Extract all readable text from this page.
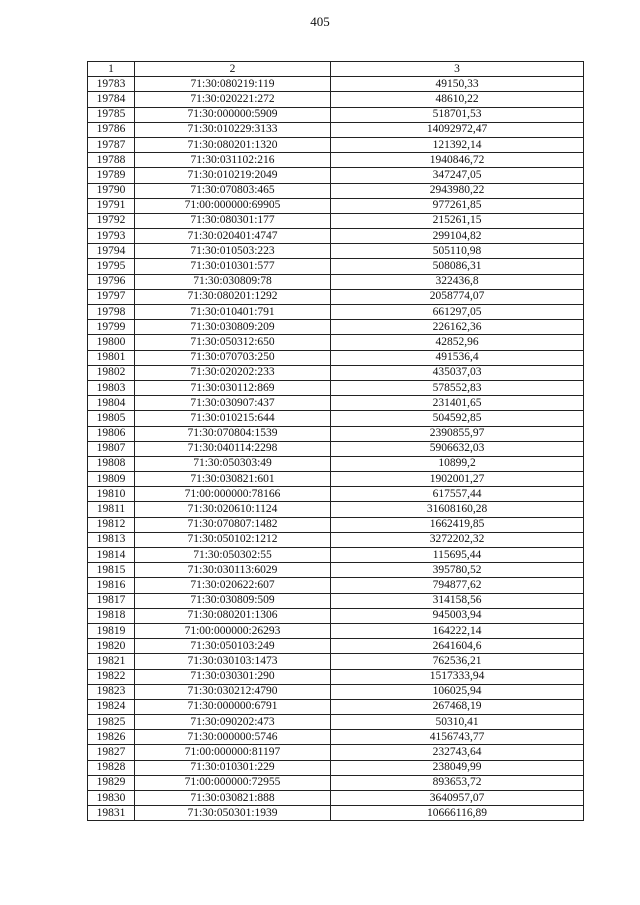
405
1	2	3
19783	71:30:080219:119	49150,33
19784	71:30:020221:272	48610,22
19785	71:30:000000:5909	518701,53
19786	71:30:010229:3133	14092972,47
19787	71:30:080201:1320	121392,14
19788	71:30:031102:216	1940846,72
19789	71:30:010219:2049	347247,05
19790	71:30:070803:465	2943980,22
19791	71:00:000000:69905	977261,85
19792	71:30:080301:177	215261,15
19793	71:30:020401:4747	299104,82
19794	71:30:010503:223	505110,98
19795	71:30:010301:577	508086,31
19796	71:30:030809:78	322436,8
19797	71:30:080201:1292	2058774,07
19798	71:30:010401:791	661297,05
19799	71:30:030809:209	226162,36
19800	71:30:050312:650	42852,96
19801	71:30:070703:250	491536,4
19802	71:30:020202:233	435037,03
19803	71:30:030112:869	578552,83
19804	71:30:030907:437	231401,65
19805	71:30:010215:644	504592,85
19806	71:30:070804:1539	2390855,97
19807	71:30:040114:2298	5906632,03
19808	71:30:050303:49	10899,2
19809	71:30:030821:601	1902001,27
19810	71:00:000000:78166	617557,44
19811	71:30:020610:1124	31608160,28
19812	71:30:070807:1482	1662419,85
19813	71:30:050102:1212	3272202,32
19814	71:30:050302:55	115695,44
19815	71:30:030113:6029	395780,52
19816	71:30:020622:607	794877,62
19817	71:30:030809:509	314158,56
19818	71:30:080201:1306	945003,94
19819	71:00:000000:26293	164222,14
19820	71:30:050103:249	2641604,6
19821	71:30:030103:1473	762536,21
19822	71:30:030301:290	1517333,94
19823	71:30:030212:4790	106025,94
19824	71:30:000000:6791	267468,19
19825	71:30:090202:473	50310,41
19826	71:30:000000:5746	4156743,77
19827	71:00:000000:81197	232743,64
19828	71:30:010301:229	238049,99
19829	71:00:000000:72955	893653,72
19830	71:30:030821:888	3640957,07
19831	71:30:050301:1939	10666116,89
